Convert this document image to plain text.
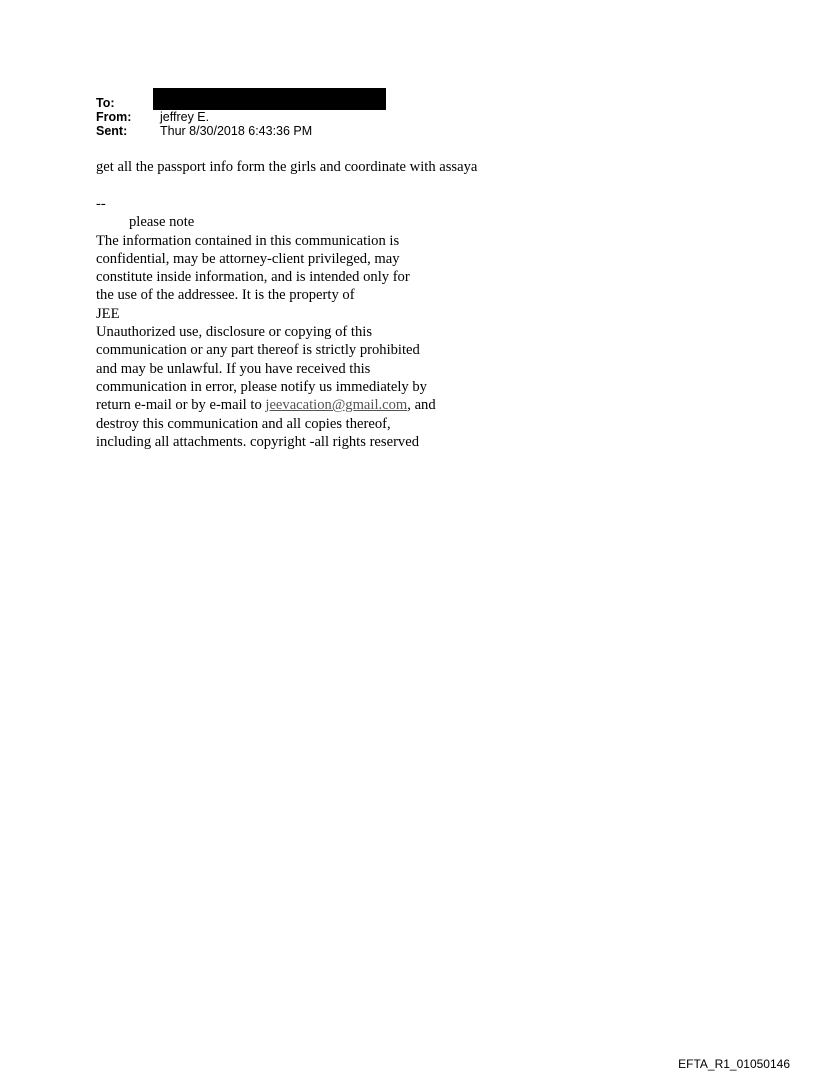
To:
From: jeffrey E.
Sent:	Thur 8/30/2018 6:43:36 PM
get all the passport info form the girls and coordinate with assaya
--
please note
The information contained in this communication is
confidential, may be attorney-client privileged, may
constitute inside information, and is intended only for
the use of the addressee. It is the property of
JEE
Unauthorized use, disclosure or copying of this
communication or any part thereof is strictly prohibited
and may be unlawful. If you have received this
communication in error, please notify us immediately by
return e-mail or by e-mail to jeevacation@gmail.com, and
destroy this communication and all copies thereof,
including all attachments. copyright -all rights reserved
EFTA_R1_01050146
